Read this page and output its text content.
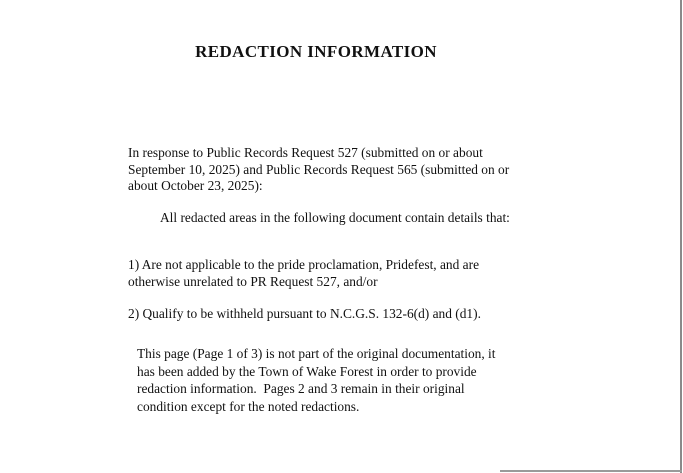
REDACTION INFORMATION
In response to Public Records Request 527 (submitted on or about
September 10, 2025) and Public Records Request 565 (submitted on or
about October 23, 2025):
All redacted areas in the following document contain details that:
1) Are not applicable to the pride proclamation, Pridefest, and are
otherwise unrelated to PR Request 527, and/or
2) Qualify to be withheld pursuant to N.C.G.S. 132-6(d) and (d1).
This page (Page 1 of 3) is not part of the original documentation, it
has been added by the Town of Wake Forest in order to provide
redaction information.  Pages 2 and 3 remain in their original
condition except for the noted redactions.
